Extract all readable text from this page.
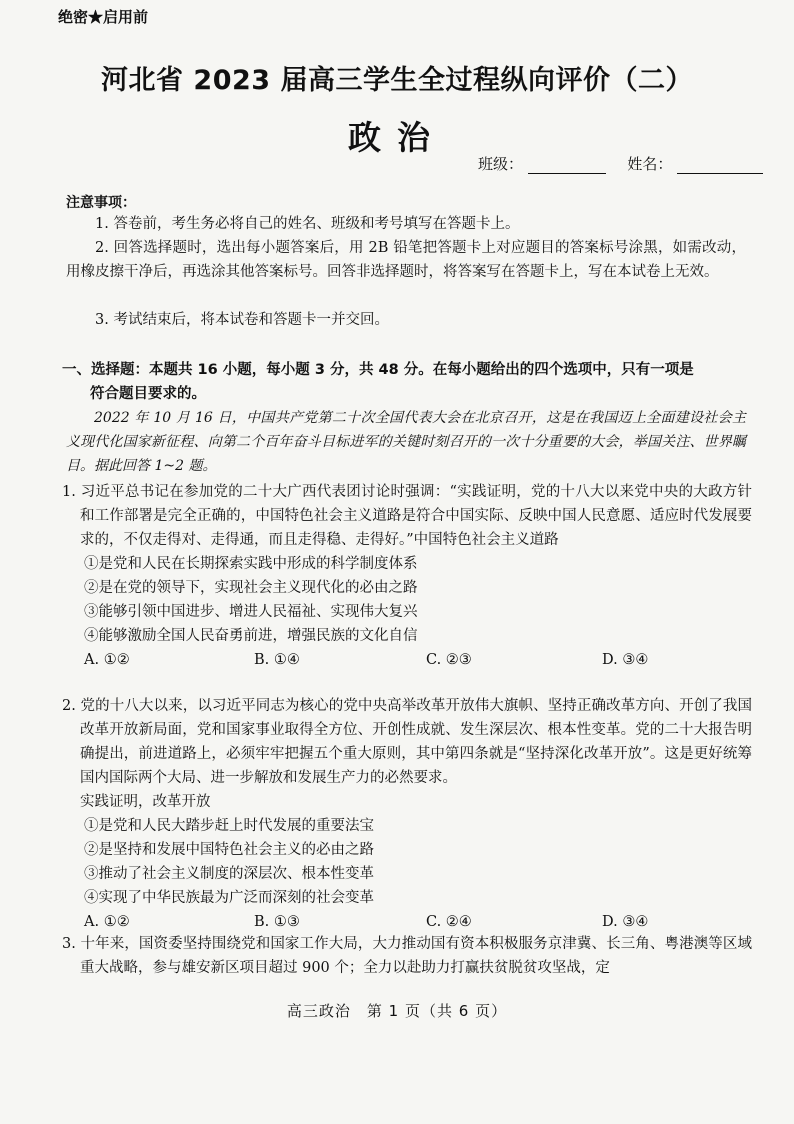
绝密★启用前
河北省 2023 届高三学生全过程纵向评价（二）
政治
班级：	姓名：
注意事项：
1. 答卷前，考生务必将自己的姓名、班级和考号填写在答题卡上。
2. 回答选择题时，选出每小题答案后，用 2B 铅笔把答题卡上对应题目的答案标号涂黑，如需改动，用橡皮擦干净后，再选涂其他答案标号。回答非选择题时，将答案写在答题卡上，写在本试卷上无效。
3. 考试结束后，将本试卷和答题卡一并交回。
一、选择题：本题共 16 小题，每小题 3 分，共 48 分。在每小题给出的四个选项中，只有一项是
符合题目要求的。
2022 年 10 月 16 日，中国共产党第二十次全国代表大会在北京召开，这是在我国迈上全面建设社会主义现代化国家新征程、向第二个百年奋斗目标进军的关键时刻召开的一次十分重要的大会，举国关注、世界瞩目。据此回答 1~2 题。
1. 习近平总书记在参加党的二十大广西代表团讨论时强调：“实践证明，党的十八大以来党中央的大政方针和工作部署是完全正确的，中国特色社会主义道路是符合中国实际、反映中国人民意愿、适应时代发展要求的，不仅走得对、走得通，而且走得稳、走得好。”中国特色社会主义道路
①是党和人民在长期探索实践中形成的科学制度体系
②是在党的领导下，实现社会主义现代化的必由之路
③能够引领中国进步、增进人民福祉、实现伟大复兴
④能够激励全国人民奋勇前进，增强民族的文化自信
A. ①②	B. ①④	C. ②③	D. ③④
2. 党的十八大以来，以习近平同志为核心的党中央高举改革开放伟大旗帜、坚持正确改革方向、开创了我国改革开放新局面，党和国家事业取得全方位、开创性成就、发生深层次、根本性变革。党的二十大报告明确提出，前进道路上，必须牢牢把握五个重大原则，其中第四条就是“坚持深化改革开放”。这是更好统筹国内国际两个大局、进一步解放和发展生产力的必然要求。
实践证明，改革开放
①是党和人民大踏步赶上时代发展的重要法宝
②是坚持和发展中国特色社会主义的必由之路
③推动了社会主义制度的深层次、根本性变革
④实现了中华民族最为广泛而深刻的社会变革
A. ①②	B. ①③	C. ②④	D. ③④
3. 十年来，国资委坚持围绕党和国家工作大局，大力推动国有资本积极服务京津冀、长三角、粤港澳等区域重大战略，参与雄安新区项目超过 900 个；全力以赴助力打赢扶贫脱贫攻坚战，定
高三政治　第 1 页（共 6 页）
